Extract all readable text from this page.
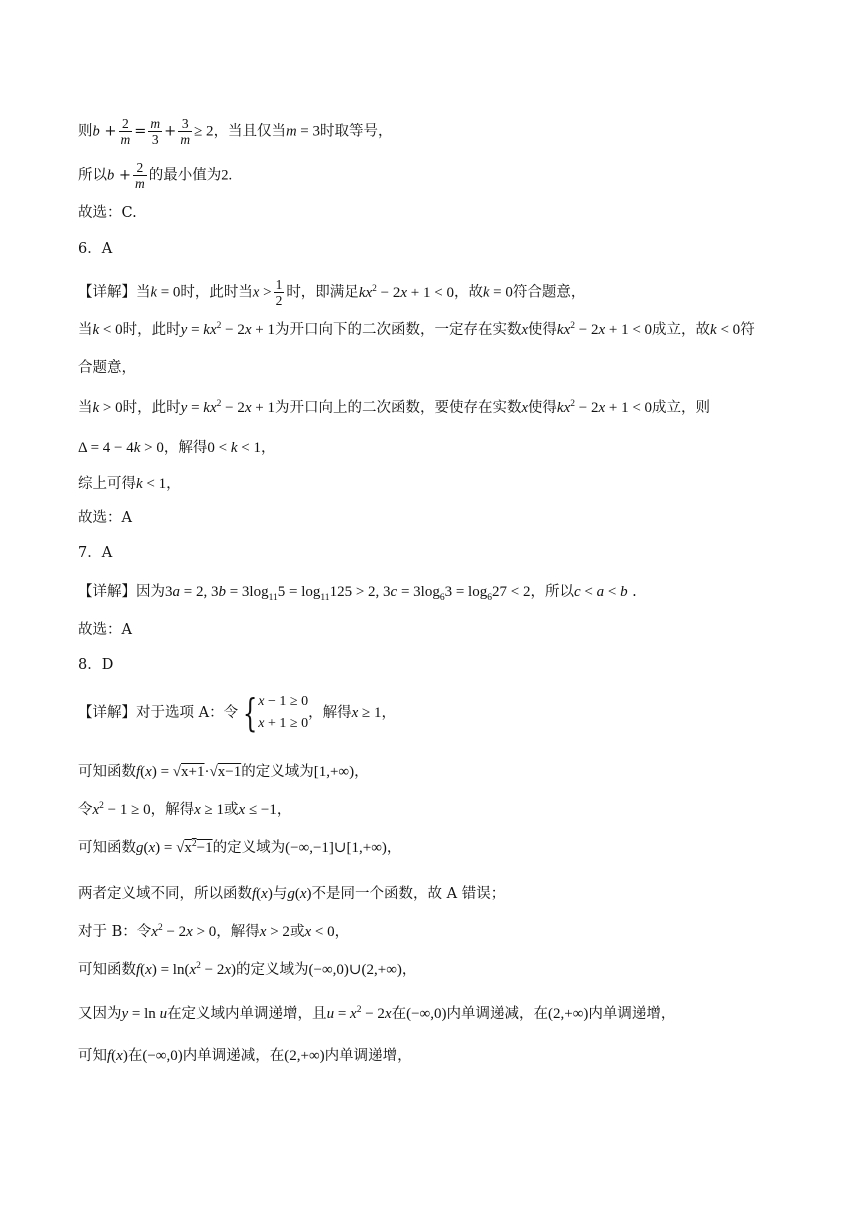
则$b + \frac{2}{m} = \frac{m}{3} + \frac{3}{m} \ge 2$，当且仅当m = 3时取等号，
所以$b + \frac{2}{m}$ 的最小值为2.
故选：C.
6．A
【详解】当k = 0时，此时当$x > \frac{1}{2}$ 时，即满足$kx^2 - 2x + 1 < 0$，故k = 0符合题意，
当k < 0时，此时$y = kx^2 - 2x + 1$为开口向下的二次函数，一定存在实数x使得$kx^2 - 2x + 1 < 0$成立，故k < 0符
合题意，
当k > 0时，此时$y = kx^2 - 2x + 1$为开口向上的二次函数，要使存在实数x使得$kx^2 - 2x + 1 < 0$成立，则
Δ = 4 − 4k > 0，解得0 < k < 1，
综上可得k < 1，
故选：A
7．A
【详解】因为3a = 2, $3b = 3\log_{11}5 = \log_{11}125 > 2$, $3c = 3\log_63 = \log_627 < 2$，所以c < a < b .
故选：A
8．D
【详解】对于选项 A：令 { x − 1 ≥ 0
x + 1 ≥ 0
，解得x ≥ 1，
可知函数f(x) = √x+1·√x−1的定义域为[1,+∞)，
令$x^2 - 1 \ge 0$，解得x ≥ 1或x ≤ −1，
可知函数$g(x) = √x^2-1$的定义域为(−∞,−1]∪[1,+∞)，
两者定义域不同，所以函数f(x)与g(x)不是同一个函数，故 A 错误；
对于 B：令$x^2 - 2x > 0$，解得x > 2或x < 0，
可知函数$f(x) = \ln(x^2 - 2x)$的定义域为(−∞,0)∪(2,+∞)，
又因为y = ln u在定义域内单调递增，且$u = x^2 - 2x$在(−∞,0)内单调递减，在(2,+∞)内单调递增，
可知f(x)在(−∞,0)内单调递减，在(2,+∞)内单调递增，
